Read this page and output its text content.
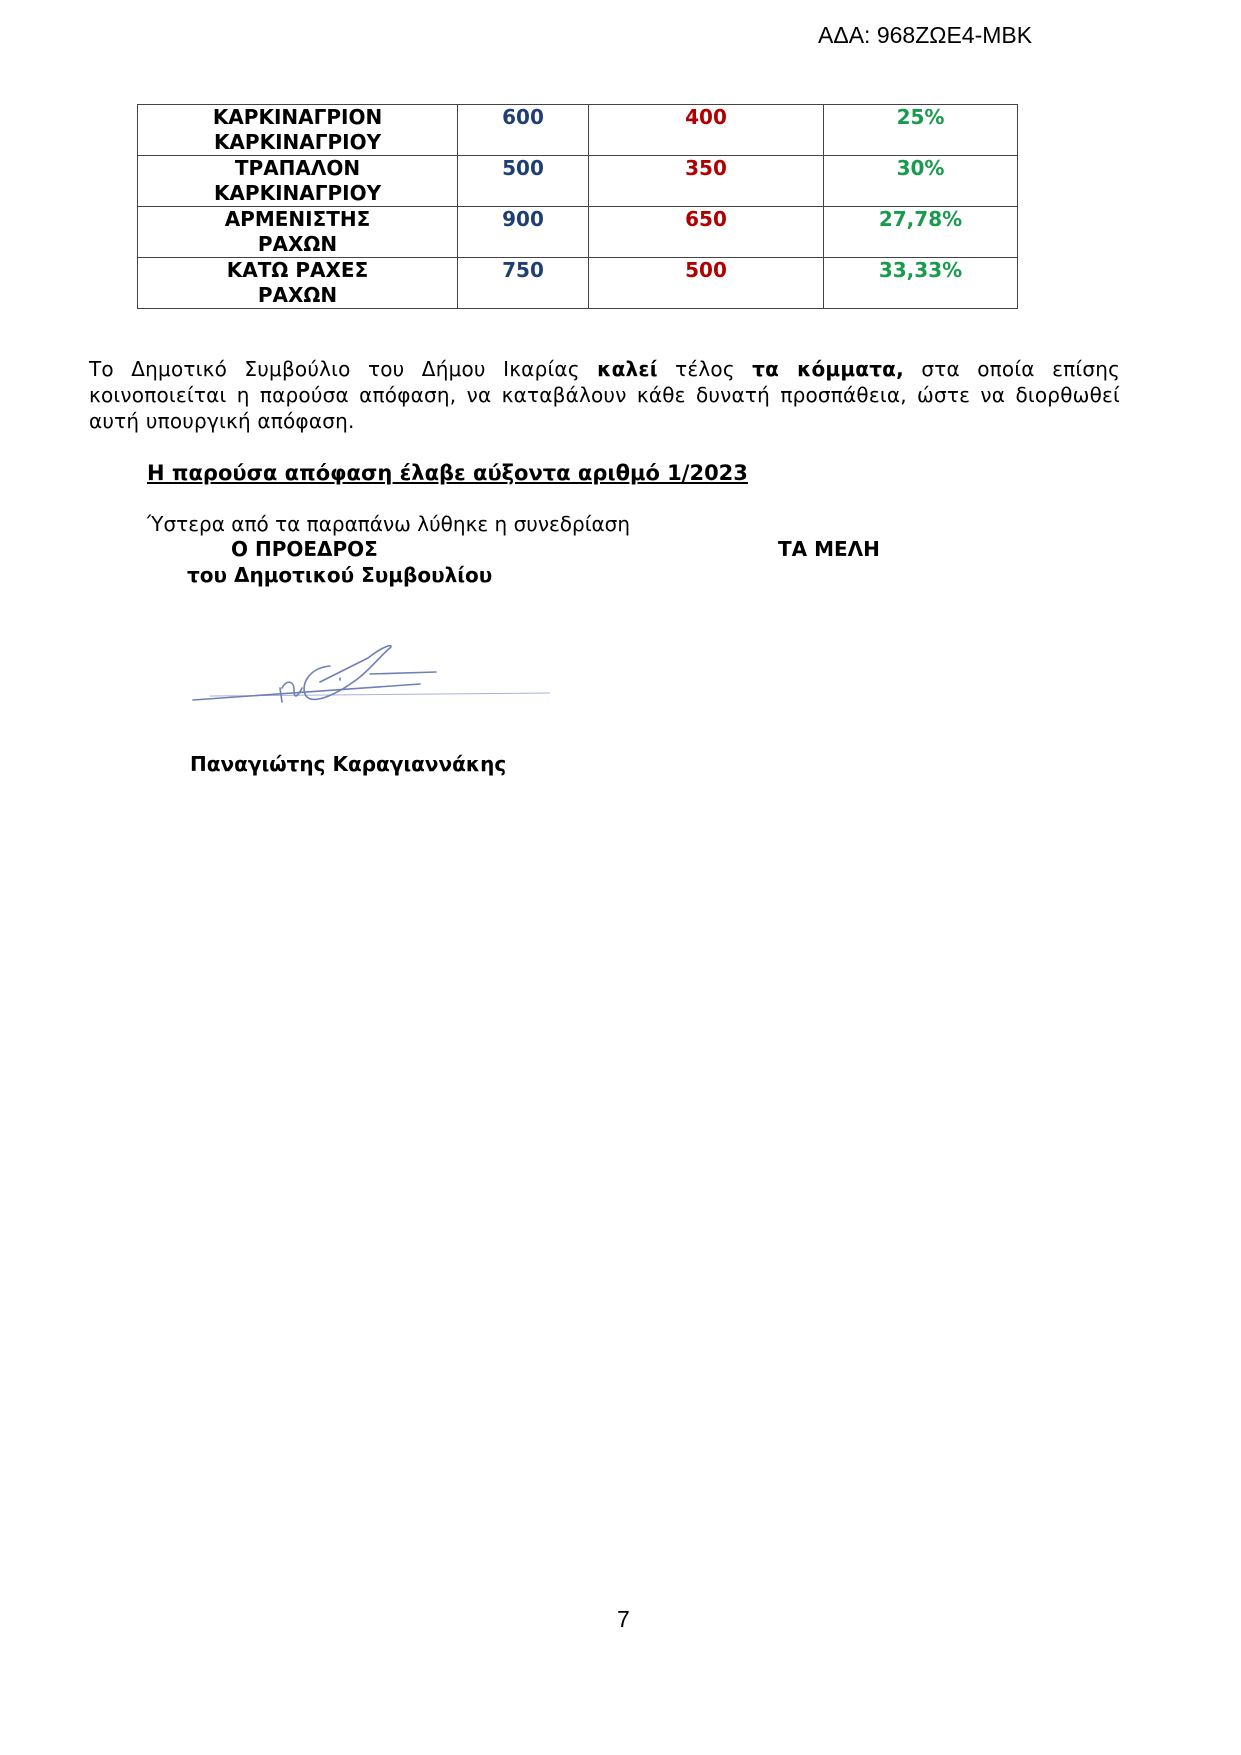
ΑΔΑ: 968ΖΩΕ4-ΜΒΚ
ΚΑΡΚΙΝΑΓΡΙΟΝ
ΚΑΡΚΙΝΑΓΡΙΟΥ	600	400	25%

ΤΡΑΠΑΛΟΝ
ΚΑΡΚΙΝΑΓΡΙΟΥ	500	350	30%

ΑΡΜΕΝΙΣΤΗΣ
ΡΑΧΩΝ	900	650	27,78%

ΚΑΤΩ ΡΑΧΕΣ
ΡΑΧΩΝ	750	500	33,33%

Το Δημοτικό Συμβούλιο του Δήμου Ικαρίας καλεί τέλος τα κόμματα, στα οποία επίσης κοινοποιείται η παρούσα απόφαση, να καταβάλουν κάθε δυνατή προσπάθεια, ώστε να διορθωθεί αυτή υπουργική απόφαση.

Η παρούσα απόφαση έλαβε αύξοντα αριθμό 1/2023
Ύστερα από τα παραπάνω λύθηκε η συνεδρίαση
Ο ΠΡΟΕΔΡΟΣ	ΤΑ ΜΕΛΗ
του Δημοτικού Συμβουλίου
Παναγιώτης Καραγιαννάκης
7
